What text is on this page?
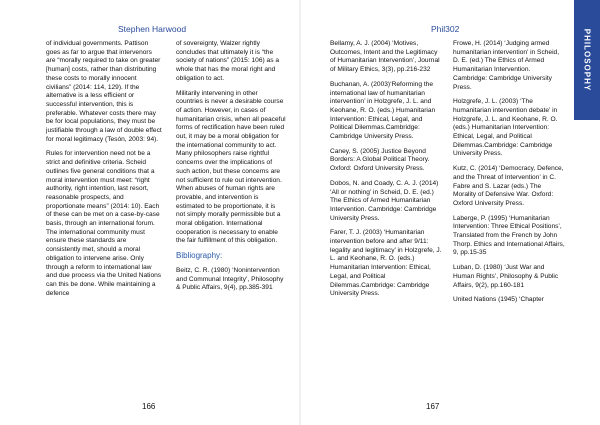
Stephen Harwood

of individual governments. Pattison goes as far to argue that intervenors are “morally required to take on greater [human] costs, rather than distributing these costs to morally innocent civilians” (2014: 114, 129). If the alternative is a less efficient or successful intervention, this is preferable. Whatever costs there may be for local populations, they must be justifiable through a law of double effect for moral legitimacy (Tesón, 2003: 94).

Rules for intervention need not be a strict and definitive criteria. Scheid outlines five general conditions that a moral intervention must meet: “right authority, right intention, last resort, reasonable prospects, and proportionate means” (2014: 10). Each of these can be met on a case-by-case basis, through an international forum. The international community must ensure these standards are consistently met, should a moral obligation to intervene arise. Only through a reform to international law and due process via the United Nations can this be done. While maintaining a defence

of sovereignty, Walzer rightly concludes that ultimately it is “the society of nations” (2015: 106) as a whole that has the moral right and obligation to act.

Militarily intervening in other countries is never a desirable course of action. However, in cases of humanitarian crisis, when all peaceful forms of rectification have been ruled out, it may be a moral obligation for the international community to act. Many philosophers raise rightful concerns over the implications of such action, but these concerns are not sufficient to rule out intervention. When abuses of human rights are provable, and intervention is estimated to be proportionate, it is not simply morally permissible but a moral obligation. International cooperation is necessary to enable the fair fulfillment of this obligation.

Bibliography:

Beitz, C. R. (1980) ‘Nonintervention and Communal Integrity’, Philosophy & Public Affairs, 9(4), pp.385-391

166
Phil302

Bellamy, A. J. (2004) ‘Motives, Outcomes, Intent and the Legitimacy of Humanitarian Intervention’, Journal of Military Ethics, 3(3), pp.216-232

Buchanan, A. (2003)‘Reforming the international law of humanitarian intervention’ in Holzgrefe, J. L. and Keohane, R. O. (eds.) Humanitarian Intervention: Ethical, Legal, and Political Dilemmas.Cambridge: Cambridge University Press.

Caney, S. (2005) Justice Beyond Borders: A Global Political Theory. Oxford: Oxford University Press.

Dobos, N. and Coady, C. A. J. (2014) ‘All or nothing’ in Scheid, D. E. (ed.) The Ethics of Armed Humanitarian Intervention. Cambridge: Cambridge University Press.

Farer, T. J. (2003) ‘Humanitarian intervention before and after 9/11: legality and legitimacy’ in Holzgrefe, J. L. and Keohane, R. O. (eds.) Humanitarian Intervention: Ethical, Legal, and Political Dilemmas.Cambridge: Cambridge University Press.

Frowe, H. (2014) ‘Judging armed humanitarian intervention’ in Scheid, D. E. (ed.) The Ethics of Armed Humanitarian Intervention. Cambridge: Cambridge University Press.

Holzgrefe, J. L. (2003) ‘The humanitarian intervention debate’ in Holzgrefe, J. L. and Keohane, R. O. (eds.) Humanitarian Intervention: Ethical, Legal, and Political Dilemmas.Cambridge: Cambridge University Press.

Kutz, C. (2014) ‘Democracy, Defence, and the Threat of Intervention’ in C. Fabre and S. Lazar (eds.) The Morality of Defensive War. Oxford: Oxford University Press.

Laberge, P. (1995) ‘Humanitarian Intervention: Three Ethical Positions’, Translated from the French by John Thorp. Ethics and International Affairs, 9, pp.15-35

Luban, D. (1980) ‘Just War and Human Rights’, Philosophy & Public Affairs, 9(2), pp.160-181

United Nations (1945) ‘Chapter

PHILOSOPHY
167
